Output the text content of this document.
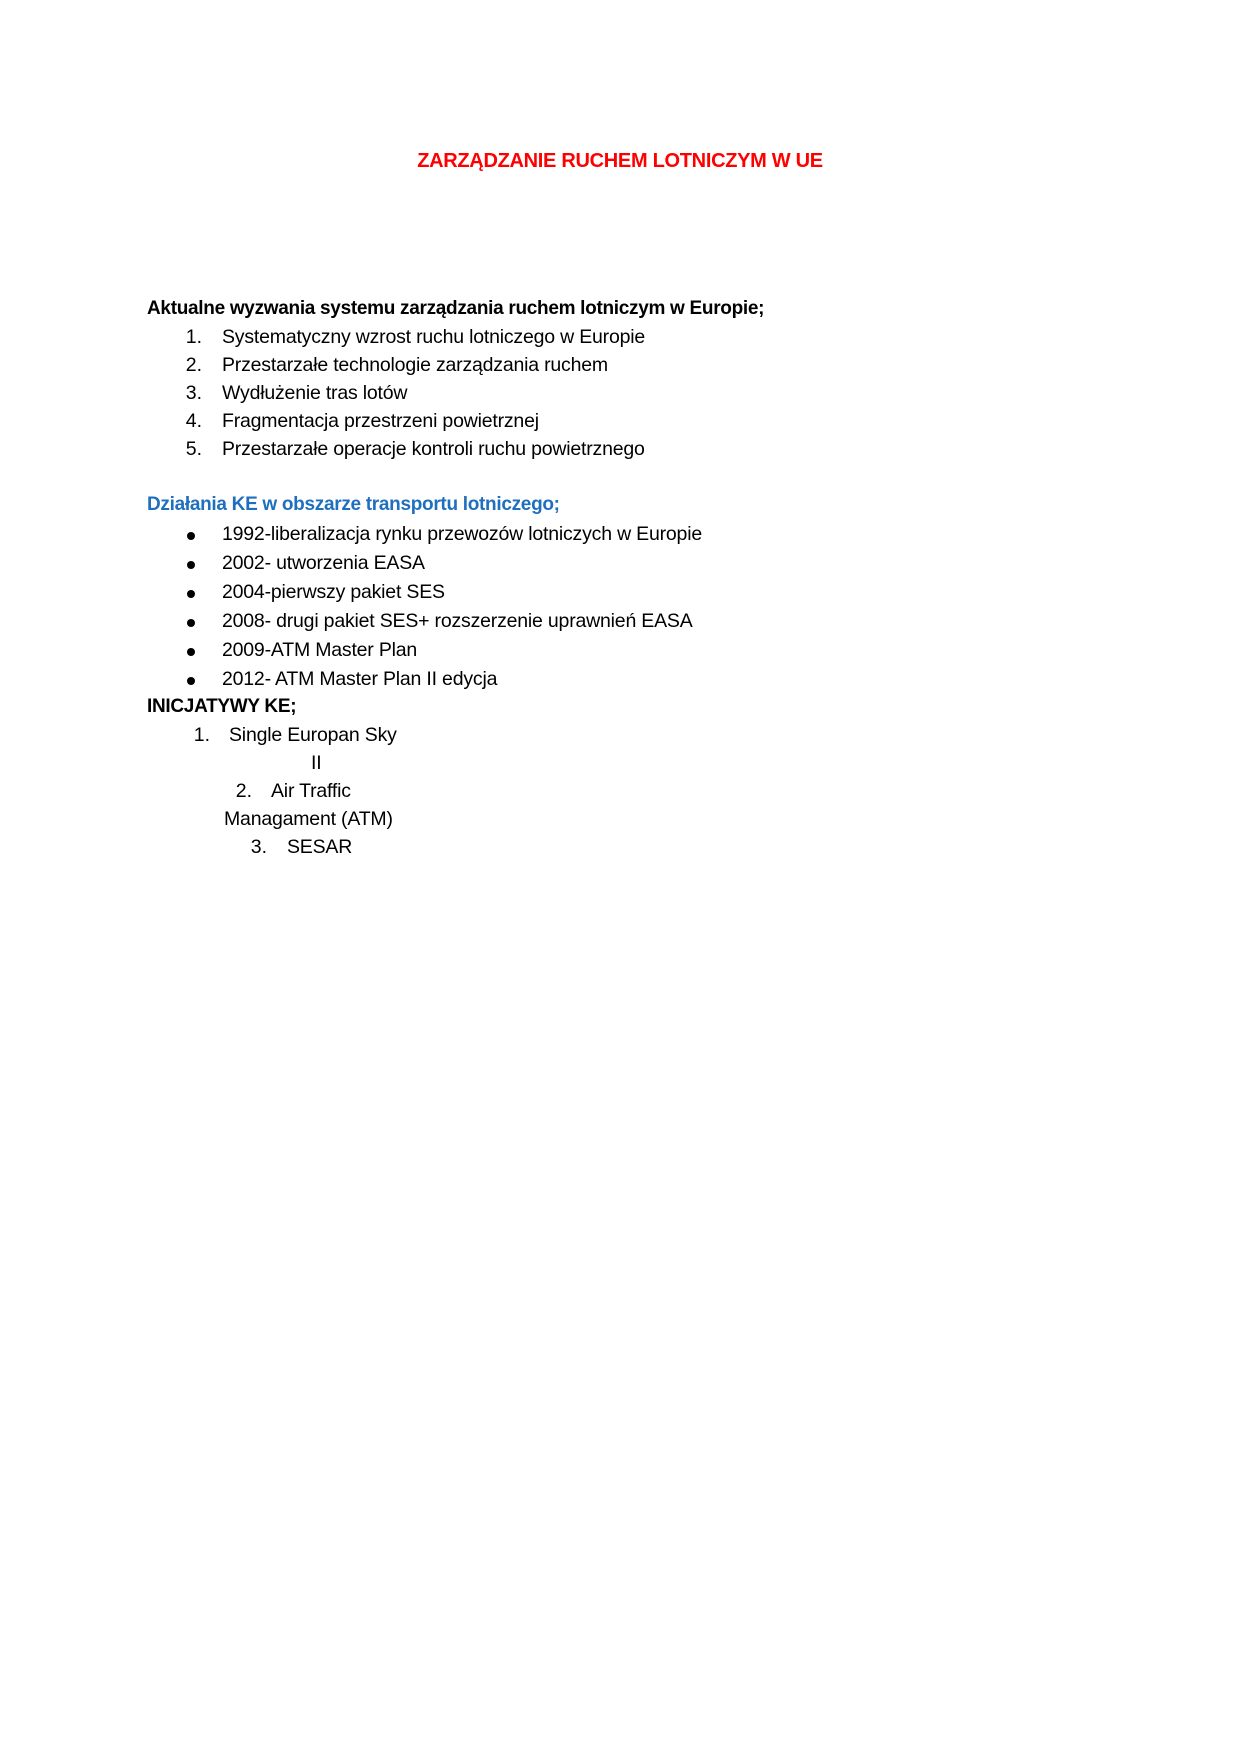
ZARZĄDZANIE RUCHEM LOTNICZYM W UE
Aktualne wyzwania systemu zarządzania ruchem lotniczym w Europie;
1. Systematyczny wzrost ruchu lotniczego w Europie
2. Przestarzałe technologie zarządzania ruchem
3. Wydłużenie tras lotów
4. Fragmentacja przestrzeni powietrznej
5. Przestarzałe operacje kontroli ruchu powietrznego
Działania KE w obszarze transportu lotniczego;
1992-liberalizacja rynku przewozów lotniczych w Europie
2002- utworzenia EASA
2004-pierwszy pakiet SES
2008- drugi pakiet SES+ rozszerzenie uprawnień EASA
2009-ATM Master Plan
2012- ATM Master Plan II edycja
INICJATYWY KE;
1. Single Europan Sky
II
2. Air Traffic
Managament (ATM)
3. SESAR
